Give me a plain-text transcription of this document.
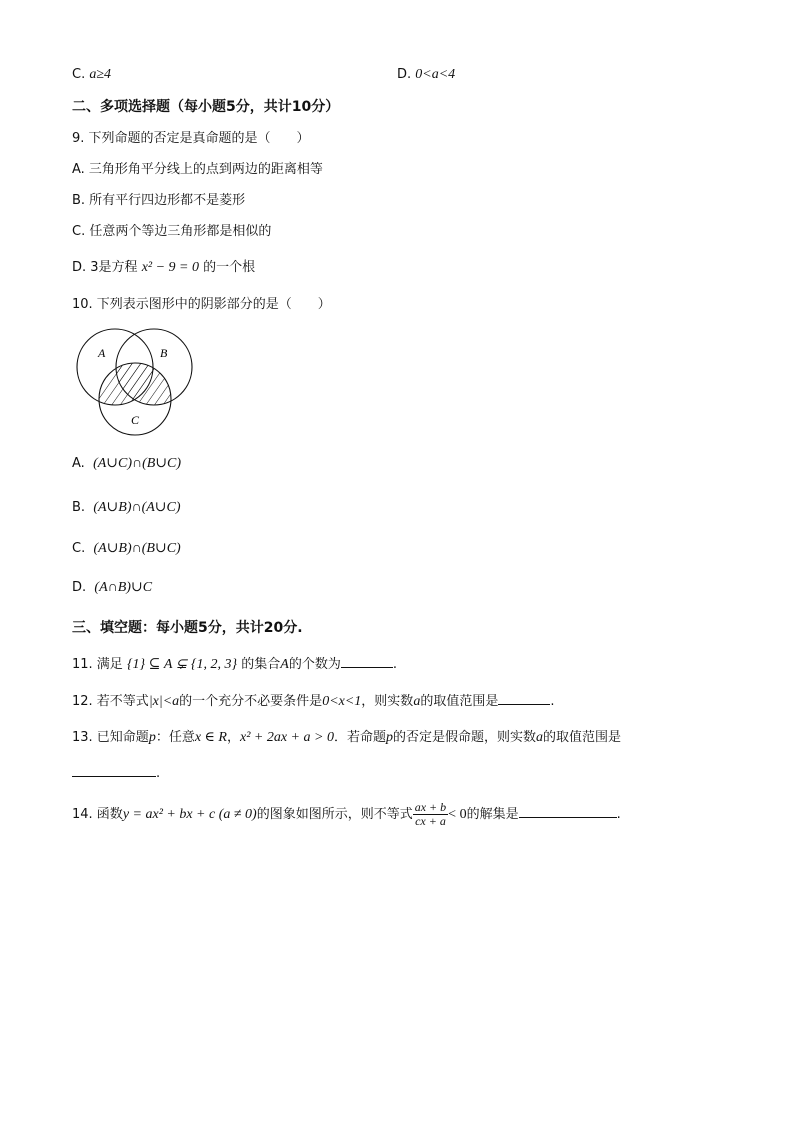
C. a≥4	D. 0<a<4
二、多项选择题（每小题5分，共计10分）
9. 下列命题的否定是真命题的是（　　）
A. 三角形角平分线上的点到两边的距离相等
B. 所有平行四边形都不是菱形
C. 任意两个等边三角形都是相似的
D. 3是方程 x² − 9 = 0 的一个根
10. 下列表示图形中的阴影部分的是（　　）
A	B
C
A. (A∪C)∩(B∪C)
B. (A∪B)∩(A∪C)
C. (A∪B)∩(B∪C)
D. (A∩B)∪C
三、填空题：每小题5分，共计20分.
11. 满足 {1} ⊆ A ⊊ {1, 2, 3} 的集合A的个数为	.
12. 若不等式|x|<a的一个充分不必要条件是0<x<1，则实数a的取值范围是	.
13. 已知命题p：任意x ∈ R，x² + 2ax + a > 0．若命题p的否定是假命题，则实数a的取值范围是
.
14. 函数y = ax² + bx + c (a ≠ 0)的图象如图所示，则不等式 $\frac{ax + b}{cx + a} < 0$的解集是	.
